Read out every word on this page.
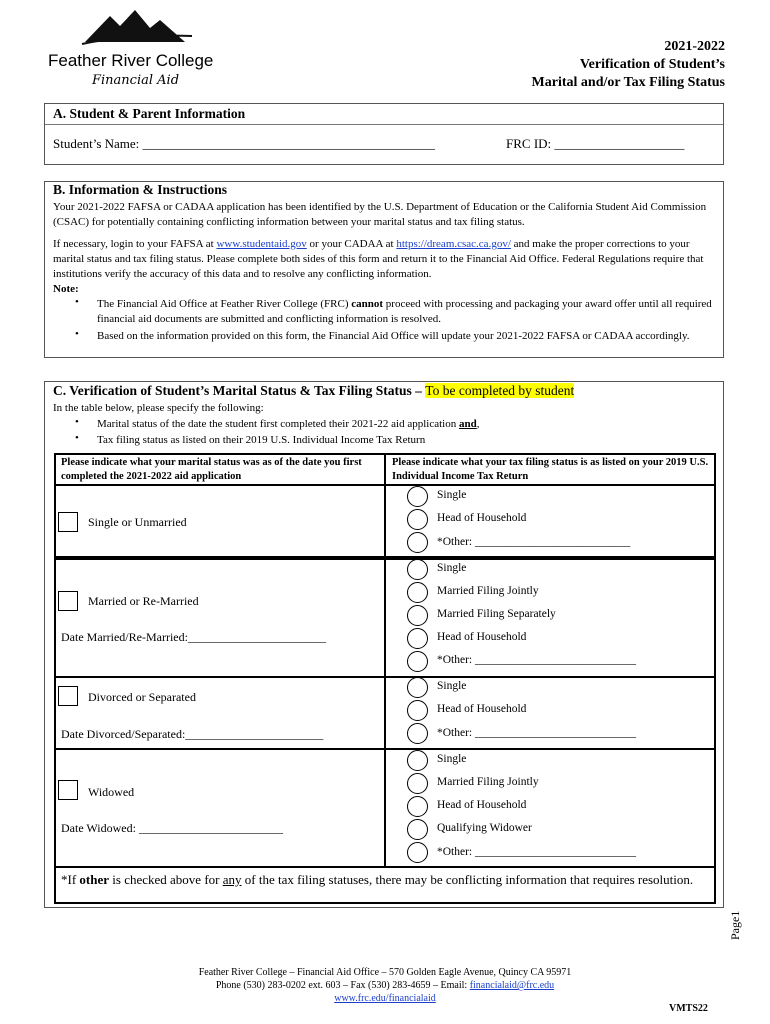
Feather River College
Financial Aid
2021-2022
Verification of Student’s
Marital and/or Tax Filing Status
A. Student & Parent Information
Student’s Name: _____________________________________________	FRC ID: ____________________
B. Information & Instructions
Your 2021-2022 FAFSA or CADAA application has been identified by the U.S. Department of Education or the California Student Aid Commission (CSAC) for potentially containing conflicting information between your marital status and tax filing status.
If necessary, login to your FAFSA at www.studentaid.gov or your CADAA at https://dream.csac.ca.gov/ and make the proper corrections to your marital status and tax filing status. Please complete both sides of this form and return it to the Financial Aid Office. Federal Regulations require that institutions verify the accuracy of this data and to resolve any conflicting information.
Note:
• The Financial Aid Office at Feather River College (FRC) cannot proceed with processing and packaging your award offer until all required financial aid documents are submitted and conflicting information is resolved.
• Based on the information provided on this form, the Financial Aid Office will update your 2021-2022 FAFSA or CADAA accordingly.
C. Verification of Student’s Marital Status & Tax Filing Status – To be completed by student
In the table below, please specify the following:
• Marital status of the date the student first completed their 2021-22 aid application and,
• Tax filing status as listed on their 2019 U.S. Individual Income Tax Return
Please indicate what your marital status was as of the date you first completed the 2021-2022 aid application
Please indicate what your tax filing status is as listed on your 2019 U.S. Individual Income Tax Return
Single or Unmarried
Single
Head of Household
*Other: ___________________________
Married or Re-Married
Date Married/Re-Married:_______________________
Single
Married Filing Jointly
Married Filing Separately
Head of Household
*Other: ____________________________
Divorced or Separated
Date Divorced/Separated:_______________________
Single
Head of Household
*Other: ____________________________
Widowed
Date Widowed: ________________________
Single
Married Filing Jointly
Head of Household
Qualifying Widower
*Other: ____________________________
*If other is checked above for any of the tax filing statuses, there may be conflicting information that requires resolution.
Feather River College – Financial Aid Office – 570 Golden Eagle Avenue, Quincy CA 95971
Phone (530) 283-0202 ext. 603 – Fax (530) 283-4659 – Email: financialaid@frc.edu
www.frc.edu/financialaid
VMTS22
Page1
